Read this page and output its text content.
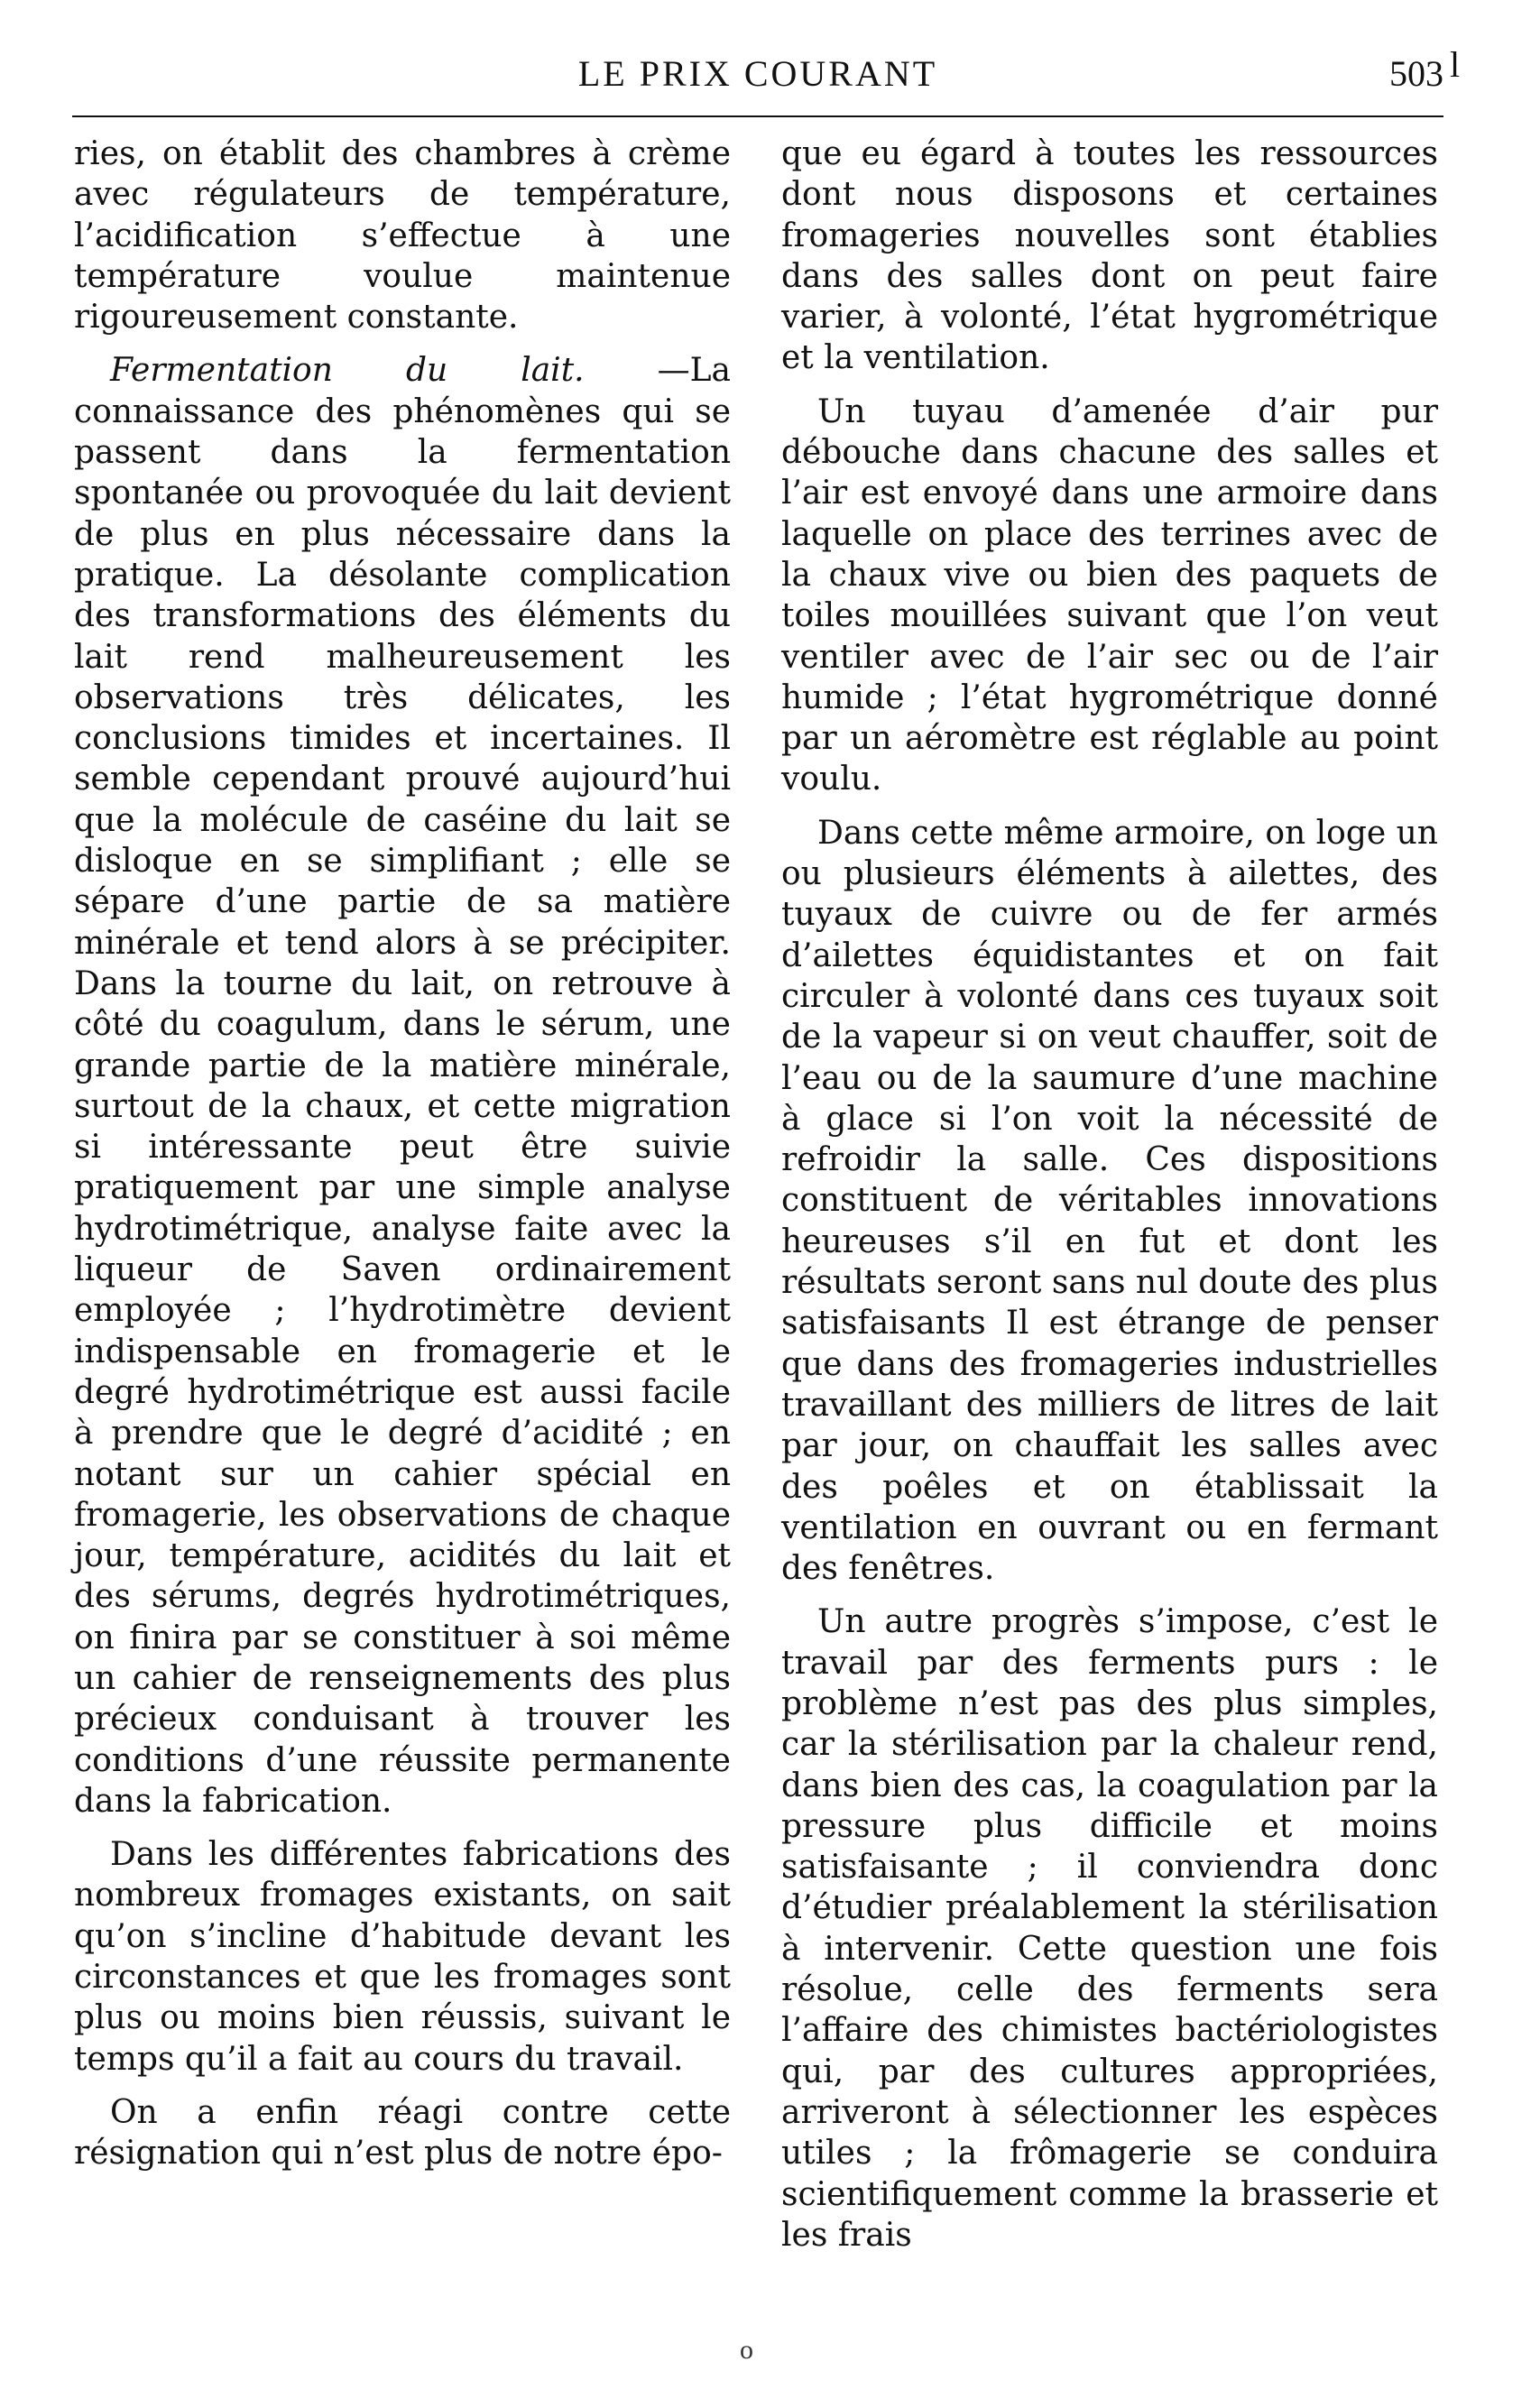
LE PRIX COURANT	503 l

ries, on établit des chambres à crème avec régulateurs de température, l’acidification s’effectue à une température voulue maintenue rigoureusement constante.

Fermentation du lait. —La connaissance des phénomènes qui se passent dans la fermentation spontanée ou provoquée du lait devient de plus en plus nécessaire dans la pratique. La désolante complication des transformations des éléments du lait rend malheureusement les observations très délicates, les conclusions timides et incertaines. Il semble cependant prouvé aujourd’hui que la molécule de caséine du lait se disloque en se simplifiant ; elle se sépare d’une partie de sa matière minérale et tend alors à se précipiter. Dans la tourne du lait, on retrouve à côté du coagulum, dans le sérum, une grande partie de la matière minérale, surtout de la chaux, et cette migration si intéressante peut être suivie pratiquement par une simple analyse hydrotimétrique, analyse faite avec la liqueur de Saven ordinairement employée ; l’hydrotimètre devient indispensable en fromagerie et le degré hydrotimétrique est aussi facile à prendre que le degré d’acidité ; en notant sur un cahier spécial en fromagerie, les observations de chaque jour, température, acidités du lait et des sérums, degrés hydrotimétriques, on finira par se constituer à soi même un cahier de renseignements des plus précieux conduisant à trouver les conditions d’une réussite permanente dans la fabrication.

Dans les différentes fabrications des nombreux fromages existants, on sait qu’on s’incline d’habitude devant les circonstances et que les fromages sont plus ou moins bien réussis, suivant le temps qu’il a fait au cours du travail.

On a enfin réagi contre cette résignation qui n’est plus de notre épo-

que eu égard à toutes les ressources dont nous disposons et certaines fromageries nouvelles sont établies dans des salles dont on peut faire varier, à volonté, l’état hygrométrique et la ventilation.

Un tuyau d’amenée d’air pur débouche dans chacune des salles et l’air est envoyé dans une armoire dans laquelle on place des terrines avec de la chaux vive ou bien des paquets de toiles mouillées suivant que l’on veut ventiler avec de l’air sec ou de l’air humide ; l’état hygrométrique donné par un aéromètre est réglable au point voulu.

Dans cette même armoire, on loge un ou plusieurs éléments à ailettes, des tuyaux de cuivre ou de fer armés d’ailettes équidistantes et on fait circuler à volonté dans ces tuyaux soit de la vapeur si on veut chauffer, soit de l’eau ou de la saumure d’une machine à glace si l’on voit la nécessité de refroidir la salle. Ces dispositions constituent de véritables innovations heureuses s’il en fut et dont les résultats seront sans nul doute des plus satisfaisants Il est étrange de penser que dans des fromageries industrielles travaillant des milliers de litres de lait par jour, on chauffait les salles avec des poêles et on établissait la ventilation en ouvrant ou en fermant des fenêtres.

Un autre progrès s’impose, c’est le travail par des ferments purs : le problème n’est pas des plus simples, car la stérilisation par la chaleur rend, dans bien des cas, la coagulation par la pressure plus difficile et moins satisfaisante ; il conviendra donc d’étudier préalablement la stérilisation à intervenir. Cette question une fois résolue, celle des ferments sera l’affaire des chimistes bactériologistes qui, par des cultures appropriées, arriveront à sélectionner les espèces utiles ; la frômagerie se conduira scientifiquement comme la brasserie et les frais

o
